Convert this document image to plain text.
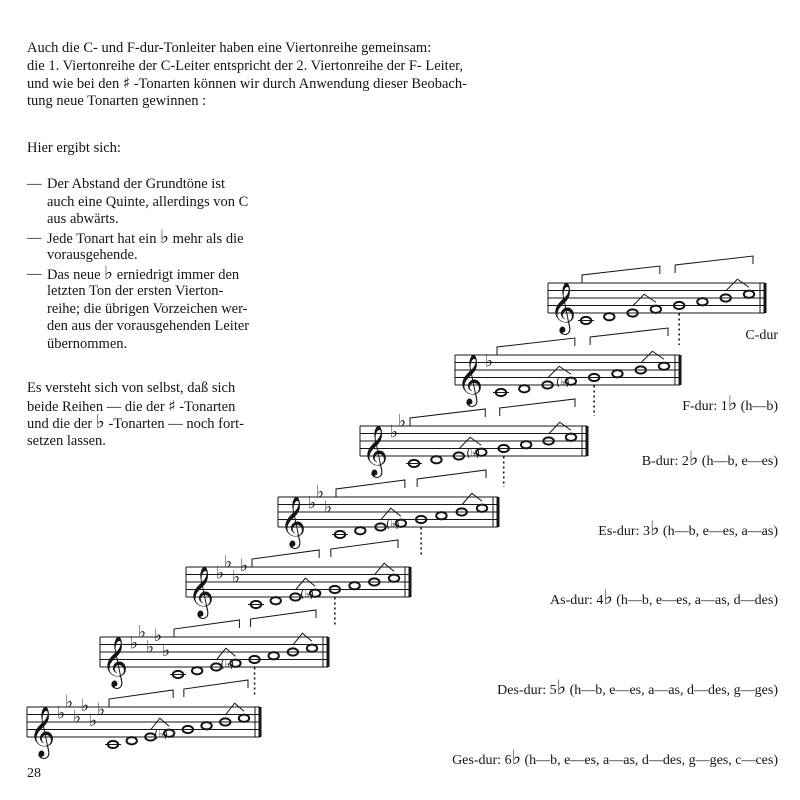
Auch die C- und F-dur-Tonleiter haben eine Viertonreihe gemeinsam:
die 1. Viertonreihe der C-Leiter entspricht der 2. Viertonreihe der F- Leiter,
und wie bei den ♯ -Tonarten können wir durch Anwendung dieser Beobach-
tung neue Tonarten gewinnen :
Hier ergibt sich:
— Der Abstand der Grundtöne ist
auch eine Quinte, allerdings von C
aus abwärts.
— Jede Tonart hat ein ♭ mehr als die
vorausgehende.
— Das neue ♭ erniedrigt immer den
letzten Ton der ersten Vierton-
reihe; die übrigen Vorzeichen wer-
den aus der vorausgehenden Leiter
übernommen.
Es versteht sich von selbst, daß sich
beide Reihen — die der ♯ -Tonarten
und die der ♭ -Tonarten — noch fort-
setzen lassen.
𝄞
𝄞 ♭
(♭)
𝄞 ♭
♭
(♭)
𝄞 ♭
♭
♭
(♭)
𝄞 ♭
♭
♭
♭
(♭)
𝄞 ♭
♭
♭
♭
♭
(♭)
𝄞 ♭
♭
♭
♭
♭
♭
(♭)
C-dur
F-dur: 1♭ (h—b)
B-dur: 2♭ (h—b, e—es)
Es-dur: 3♭ (h—b, e—es, a—as)
As-dur: 4♭ (h—b, e—es, a—as, d—des)
Des-dur: 5♭ (h—b, e—es, a—as, d—des, g—ges)
Ges-dur: 6♭ (h—b, e—es, a—as, d—des, g—ges, c—ces)
28
